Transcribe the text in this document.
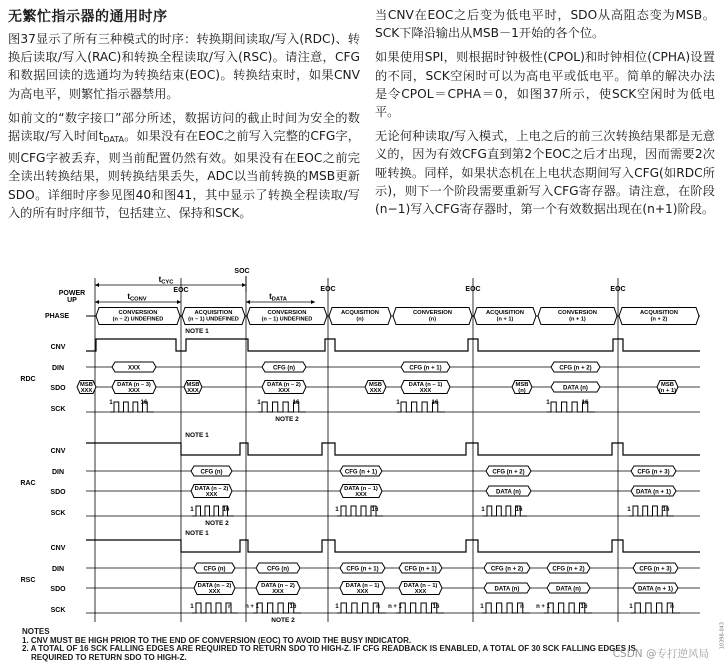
无繁忙指示器的通用时序

图37显示了所有三种模式的时序：转换期间读取/写入(RDC)、转换后读取/写入(RAC)和转换全程读取/写入(RSC)。请注意，CFG和数据回读的选通均为转换结束(EOC)。转换结束时，如果CNV为高电平，则繁忙指示器禁用。

如前文的“数字接口”部分所述，数据访问的截止时间为安全的数据读取/写入时间$t_{DATA}$。如果没有在EOC之前写入完整的CFG字，则CFG字被丢弃，则当前配置仍然有效。如果没有在EOC之前完全读出转换结果，则转换结果丢失，ADC以当前转换的MSB更新SDO。详细时序参见图40和图41，其中显示了转换全程读取/写入的所有时序细节，包括建立、保持和SCK。

当CNV在EOC之后变为低电平时，SDO从高阻态变为MSB。SCK下降沿输出从MSB－1开始的各个位。

如果使用SPI，则根据时钟极性(CPOL)和时钟相位(CPHA)设置的不同，SCK空闲时可以为高电平或低电平。简单的解决办法是令CPOL＝CPHA＝0，如图37所示，使SCK空闲时为低电平。

无论何种读取/写入模式，上电之后的前三次转换结果都是无意义的，因为有效CFG直到第2个EOC之后才出现，因而需要2次哑转换。同样，如果状态机在上电状态期间写入CFG(如RDC所示)，则下一个阶段需要重新写入CFG寄存器。请注意，在阶段(n−1)写入CFG寄存器时，第一个有效数据出现在(n+1)阶段。

POWER
UP
SOC
EOC	EOC	EOC	EOC
tCYC
tCONV	tDATA
PHASE	CONVERSION
(n – 2) UNDEFINED
ACQUISITION
(n – 1) UNDEFINED
CONVERSION
(n – 1) UNDEFINED
ACQUISITION
(n)
CONVERSION
(n)
ACQUISITION
(n + 1)
CONVERSION
(n + 1)
ACQUISITION
(n + 2)
CNV
DIN
SDO
SCK
RDC
CNV
DIN
SDO
SCK
RAC
CNV
DIN
SDO
SCK
RSC
NOTE 1
XXX	CFG (n)	CFG (n + 1)	CFG (n + 2)
MSB
XXX
DATA (n – 3)
XXX
MSB
XXX
DATA (n – 2)
XXX
MSB
XXX
DATA (n – 1)
XXX
MSB
(n)	DATA (n)
MSB
(n + 1)
1	16	1	16	1	16	1	16
NOTE 2
NOTE 1
CFG (n)	CFG (n + 1)	CFG (n + 2)	CFG (n + 3)
DATA (n – 2)
XXX
DATA (n – 1)
XXX	DATA (n)	DATA (n + 1)
1	16	1	16	1	16	1	16
NOTE 2
NOTE 1
CFG (n)	CFG (n)	CFG (n + 1)	CFG (n + 1)	CFG (n + 2)	CFG (n + 2)	CFG (n + 3)
DATA (n – 2)
XXX
DATA (n – 2)
XXX
DATA (n – 1)
XXX
DATA (n – 1)
XXX	DATA (n)	DATA (n)	DATA (n + 1)
1	n n + 1	16	1	n n + 1	16	1	n n + 1	16	1	n
NOTE 2
NOTES
1. CNV MUST BE HIGH PRIOR TO THE END OF CONVERSION (EOC) TO AVOID THE BUSY INDICATOR.
2. A TOTAL OF 16 SCK FALLING EDGES ARE REQUIRED TO RETURN SDO TO HIGH-Z. IF CFG READBACK IS ENABLED, A TOTAL OF 30 SCK FALLING EDGES IS
REQUIRED TO RETURN SDO TO HIGH-Z.
10398-043
CSDN @专打逆风局
